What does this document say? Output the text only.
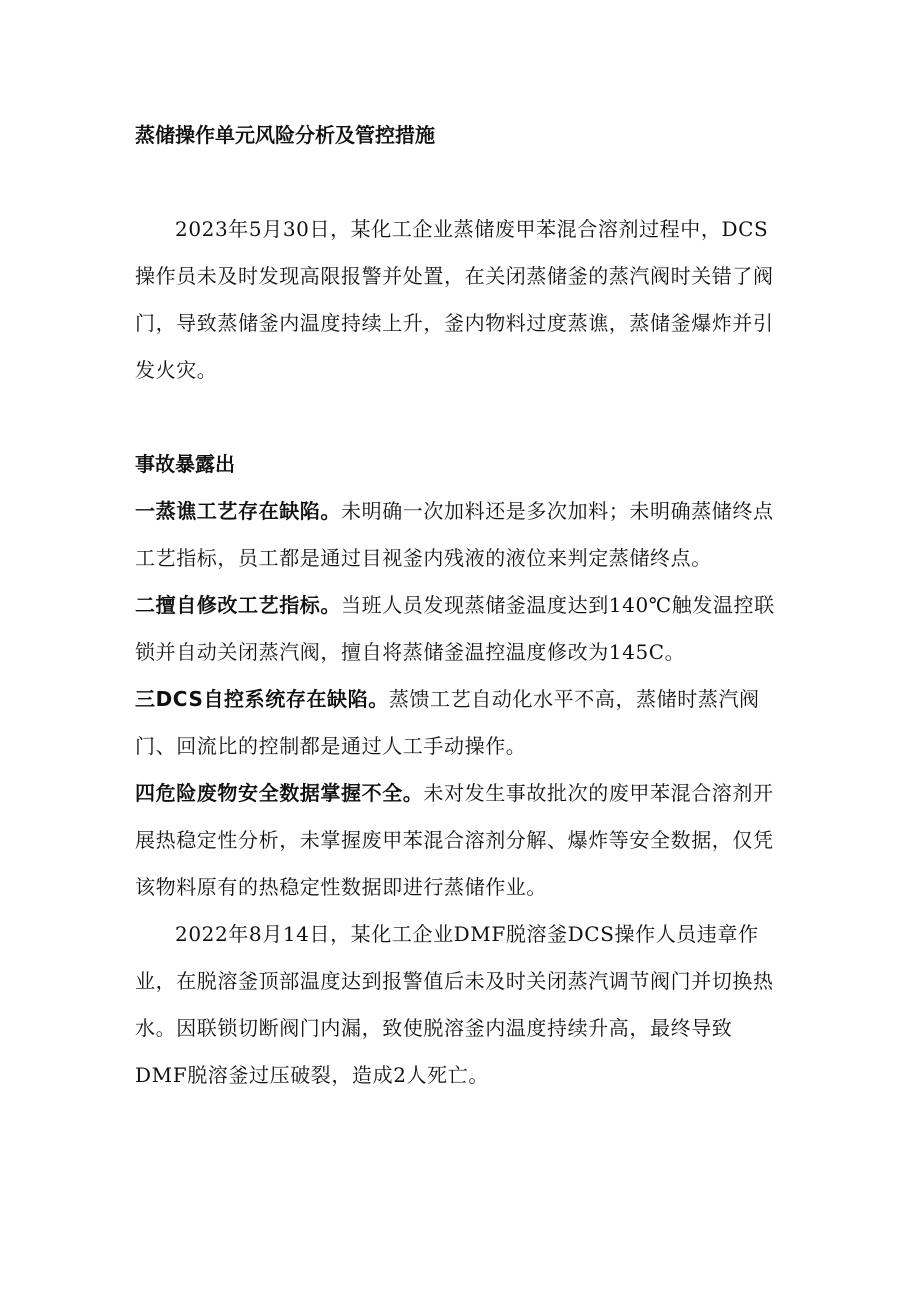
蒸储操作单元风险分析及管控措施

2023年5月30日，某化工企业蒸储废甲苯混合溶剂过程中，DCS操作员未及时发现高限报警并处置，在关闭蒸储釜的蒸汽阀时关错了阀门，导致蒸储釜内温度持续上升，釜内物料过度蒸谯，蒸储釜爆炸并引发火灾。

事故暴露出

一蒸谯工艺存在缺陷。未明确一次加料还是多次加料；未明确蒸储终点工艺指标，员工都是通过目视釜内残液的液位来判定蒸储终点。

二擅自修改工艺指标。当班人员发现蒸储釜温度达到140℃触发温控联锁并自动关闭蒸汽阀，擅自将蒸储釜温控温度修改为145C。

三DCS自控系统存在缺陷。蒸馈工艺自动化水平不高，蒸储时蒸汽阀门、回流比的控制都是通过人工手动操作。

四危险废物安全数据掌握不全。未对发生事故批次的废甲苯混合溶剂开展热稳定性分析，未掌握废甲苯混合溶剂分解、爆炸等安全数据，仅凭该物料原有的热稳定性数据即进行蒸储作业。

2022年8月14日，某化工企业DMF脱溶釜DCS操作人员违章作业，在脱溶釜顶部温度达到报警值后未及时关闭蒸汽调节阀门并切换热水。因联锁切断阀门内漏，致使脱溶釜内温度持续升高，最终导致DMF脱溶釜过压破裂，造成2人死亡。
